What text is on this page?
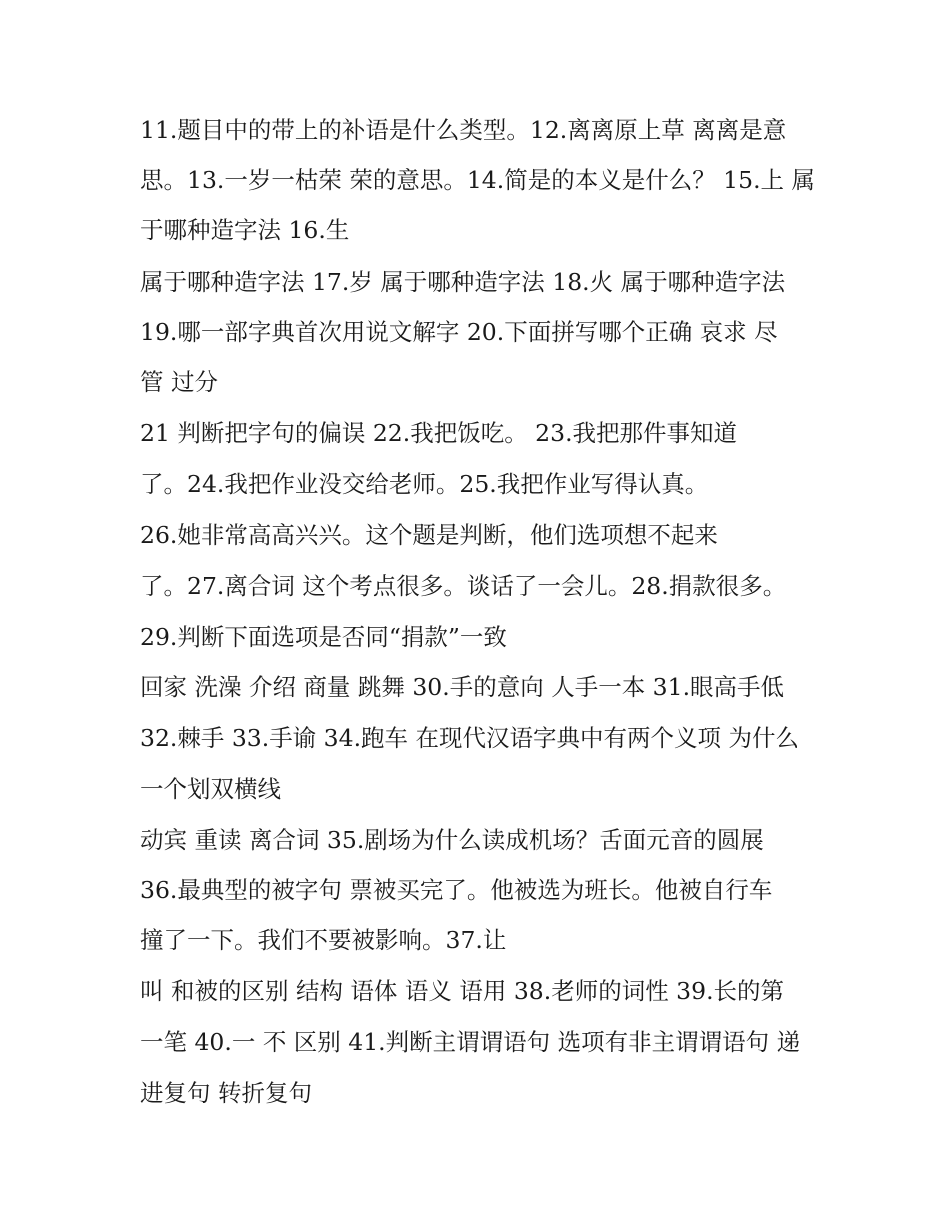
11.题目中的带上的补语是什么类型。12.离离原上草 离离是意
思。13.一岁一枯荣 荣的意思。14.简是的本义是什么？ 15.上 属
于哪种造字法 16.生
属于哪种造字法 17.岁 属于哪种造字法 18.火 属于哪种造字法
19.哪一部字典首次用说文解字 20.下面拼写哪个正确 哀求 尽
管 过分
21 判断把字句的偏误 22.我把饭吃。 23.我把那件事知道
了。24.我把作业没交给老师。25.我把作业写得认真。
26.她非常高高兴兴。这个题是判断，他们选项想不起来
了。27.离合词 这个考点很多。谈话了一会儿。28.捐款很多。
29.判断下面选项是否同“捐款”一致
回家 洗澡 介绍 商量 跳舞 30.手的意向 人手一本 31.眼高手低
32.棘手 33.手谕 34.跑车 在现代汉语字典中有两个义项 为什么
一个划双横线
动宾 重读 离合词 35.剧场为什么读成机场？舌面元音的圆展
36.最典型的被字句 票被买完了。他被选为班长。他被自行车
撞了一下。我们不要被影响。37.让
叫 和被的区别 结构 语体 语义 语用 38.老师的词性 39.长的第
一笔 40.一 不 区别 41.判断主谓谓语句 选项有非主谓谓语句 递
进复句 转折复句
